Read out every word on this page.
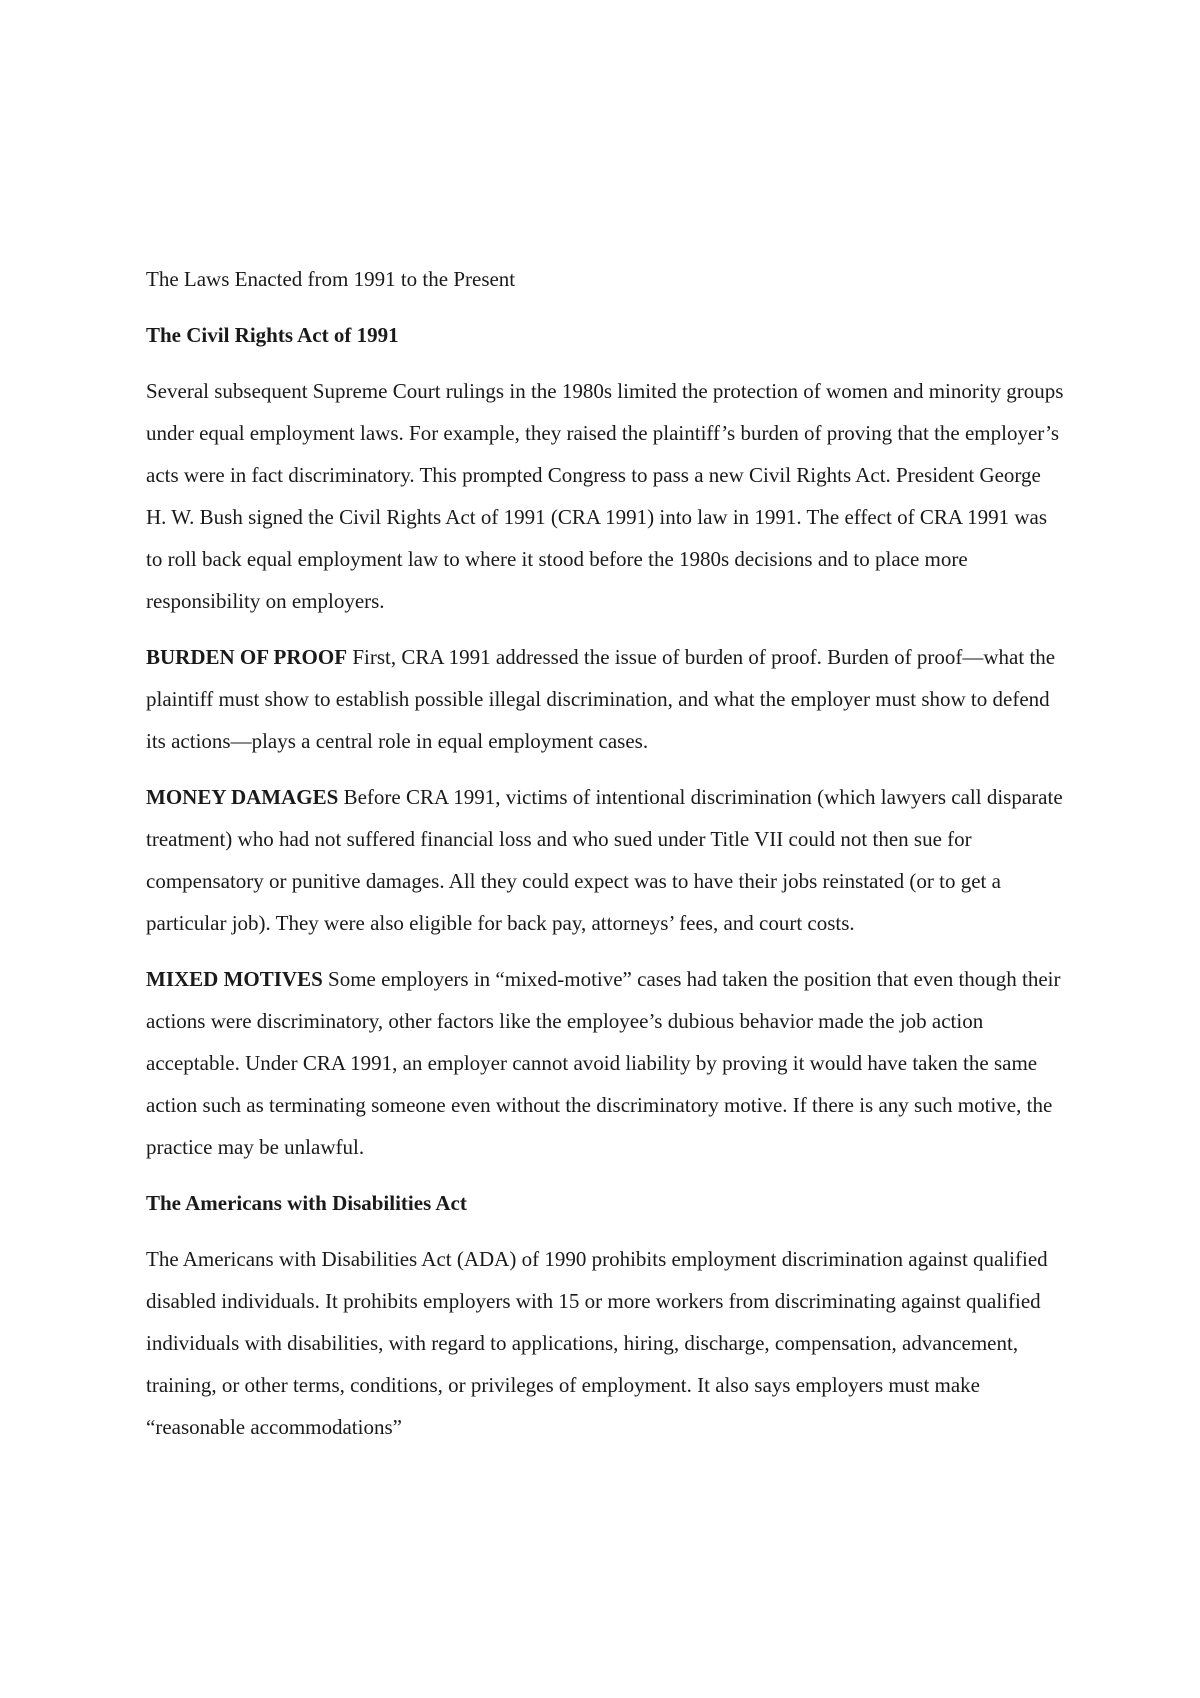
The Laws Enacted from 1991 to the Present

The Civil Rights Act of 1991

Several subsequent Supreme Court rulings in the 1980s limited the protection of women and minority groups under equal employment laws. For example, they raised the plaintiff’s burden of proving that the employer’s acts were in fact discriminatory. This prompted Congress to pass a new Civil Rights Act. President George H. W. Bush signed the Civil Rights Act of 1991 (CRA 1991) into law in 1991. The effect of CRA 1991 was to roll back equal employment law to where it stood before the 1980s decisions and to place more responsibility on employers.

BURDEN OF PROOF First, CRA 1991 addressed the issue of burden of proof. Burden of proof—what the plaintiff must show to establish possible illegal discrimination, and what the employer must show to defend its actions—plays a central role in equal employment cases.

MONEY DAMAGES Before CRA 1991, victims of intentional discrimination (which lawyers call disparate treatment) who had not suffered financial loss and who sued under Title VII could not then sue for compensatory or punitive damages. All they could expect was to have their jobs reinstated (or to get a particular job). They were also eligible for back pay, attorneys’ fees, and court costs.

MIXED MOTIVES Some employers in “mixed-motive” cases had taken the position that even though their actions were discriminatory, other factors like the employee’s dubious behavior made the job action acceptable. Under CRA 1991, an employer cannot avoid liability by proving it would have taken the same action such as terminating someone even without the discriminatory motive. If there is any such motive, the practice may be unlawful.

The Americans with Disabilities Act

The Americans with Disabilities Act (ADA) of 1990 prohibits employment discrimination against qualified disabled individuals. It prohibits employers with 15 or more workers from discriminating against qualified individuals with disabilities, with regard to applications, hiring, discharge, compensation, advancement, training, or other terms, conditions, or privileges of employment. It also says employers must make “reasonable accommodations”
